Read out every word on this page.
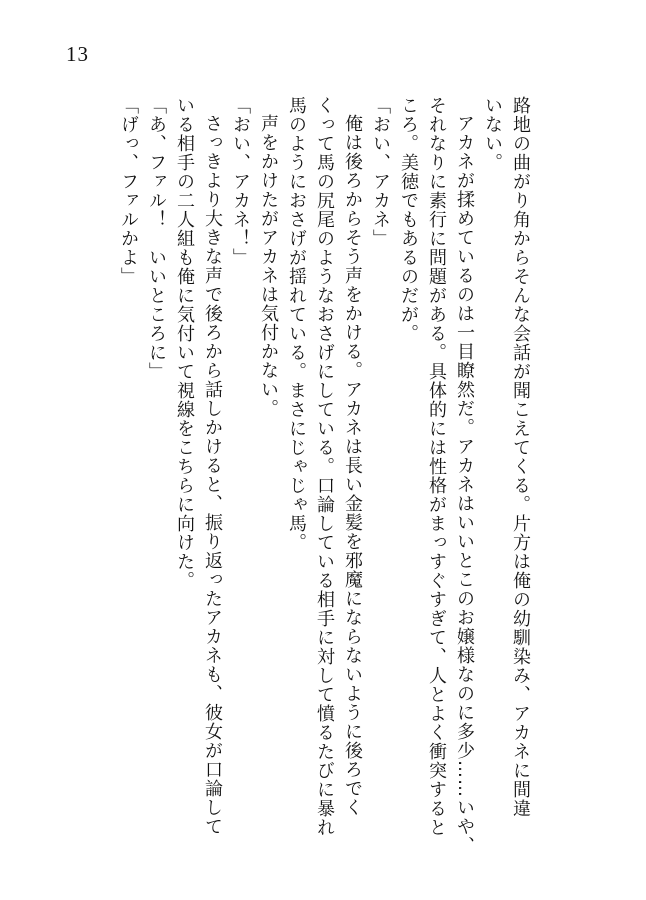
13

路地の曲がり角からそんな会話が聞こえてくる。片方は俺の幼馴染み、アカネに間違

いない。

アカネが揉めているのは一目瞭然だ。アカネはいいとこのお嬢様なのに多少……いや、

それなりに素行に問題がある。具体的には性格がまっすぐすぎて、人とよく衝突すると

ころ。美徳でもあるのだが。

「おい、アカネ」

俺は後ろからそう声をかける。アカネは長い金髪を邪魔にならないように後ろでく

くって馬の尻尾のようなおさげにしている。口論している相手に対して憤るたびに暴れ

馬のようにおさげが揺れている。まさにじゃじゃ馬。

声をかけたがアカネは気付かない。

「おい、アカネ！」

さっきより大きな声で後ろから話しかけると、振り返ったアカネも、彼女が口論して

いる相手の二人組も俺に気付いて視線をこちらに向けた。

「あ、ファル！　いいところに」

「げっ、ファルかよ」
